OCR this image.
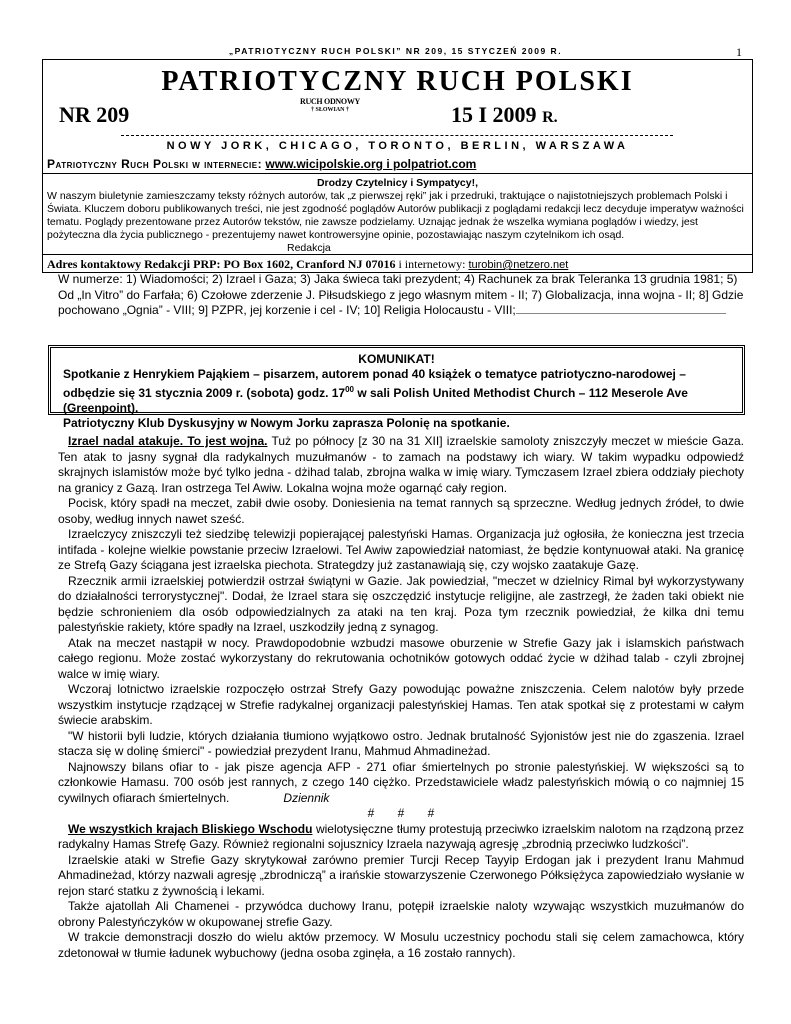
„PATRIOTYCZNY RUCH POLSKI” NR 209, 15 STYCZEŃ 2009 R.	1
PATRIOTYCZNY RUCH POLSKI
NR 209
RUCH ODNOWY
† SŁOWIAN †	15 I 2009 R.
NOWY JORK, CHICAGO, TORONTO, BERLIN, WARSZAWA
Patriotyczny Ruch Polski w internecie: www.wicipolskie.org i polpatriot.com
Drodzy Czytelnicy i Sympatycy!,
W naszym biuletynie zamieszczamy teksty różnych autorów, tak „z pierwszej ręki” jak i przedruki, traktujące o najistotniejszych problemach Polski i Świata. Kluczem doboru publikowanych treści, nie jest zgodność poglądów Autorów publikacji z poglądami redakcji lecz decyduje imperatyw ważności tematu. Poglądy prezentowane przez Autorów tekstów, nie zawsze podzielamy. Uznając jednak że wszelka wymiana poglądów i wiedzy, jest pożyteczna dla życia publicznego - prezentujemy nawet kontrowersyjne opinie, pozostawiając naszym czytelnikom ich osąd.
Redakcja
Adres kontaktowy Redakcji PRP: PO Box 1602, Cranford NJ 07016 i internetowy: turobin@netzero.net
W numerze: 1) Wiadomości; 2) Izrael i Gaza; 3) Jaka świeca taki prezydent; 4) Rachunek za brak Teleranka 13 grudnia 1981; 5) Od „In Vitro” do Farfała; 6) Czołowe zderzenie J. Piłsudskiego z jego własnym mitem - II; 7) Globalizacja, inna wojna - II; 8] Gdzie pochowano „Ognia” - VIII; 9] PZPR, jej korzenie i cel - IV; 10] Religia Holocaustu - VIII;
KOMUNIKAT!
Spotkanie z Henrykiem Pająkiem – pisarzem, autorem ponad 40 książek o tematyce patriotyczno-narodowej – odbędzie się 31 stycznia 2009 r. (sobota) godz. $17^{00}$ w sali Polish United Methodist Church – 112 Meserole Ave (Greenpoint).
Patriotyczny Klub Dyskusyjny w Nowym Jorku zaprasza Polonię na spotkanie.

Izrael nadal atakuje. To jest wojna. Tuż po północy [z 30 na 31 XII] izraelskie samoloty zniszczyły meczet w mieście Gaza. Ten atak to jasny sygnał dla radykalnych muzułmanów - to zamach na podstawy ich wiary. W takim wypadku odpowiedź skrajnych islamistów może być tylko jedna - dżihad talab, zbrojna walka w imię wiary. Tymczasem Izrael zbiera oddziały piechoty na granicy z Gazą. Iran ostrzega Tel Awiw. Lokalna wojna może ogarnąć cały region.

Pocisk, który spadł na meczet, zabił dwie osoby. Doniesienia na temat rannych są sprzeczne. Według jednych źródeł, to dwie osoby, według innych nawet sześć.

Izraelczycy zniszczyli też siedzibę telewizji popierającej palestyński Hamas. Organizacja już ogłosiła, że konieczna jest trzecia intifada - kolejne wielkie powstanie przeciw Izraelowi. Tel Awiw zapowiedział natomiast, że będzie kontynuował ataki. Na granicę ze Strefą Gazy ściągana jest izraelska piechota. Strategdzy już zastanawiają się, czy wojsko zaatakuje Gazę.

Rzecznik armii izraelskiej potwierdził ostrzał świątyni w Gazie. Jak powiedział, "meczet w dzielnicy Rimal był wykorzystywany do działalności terrorystycznej". Dodał, że Izrael stara się oszczędzić instytucje religijne, ale zastrzegł, że żaden taki obiekt nie będzie schronieniem dla osób odpowiedzialnych za ataki na ten kraj. Poza tym rzecznik powiedział, że kilka dni temu palestyńskie rakiety, które spadły na Izrael, uszkodziły jedną z synagog.

Atak na meczet nastąpił w nocy. Prawdopodobnie wzbudzi masowe oburzenie w Strefie Gazy jak i islamskich państwach całego regionu. Może zostać wykorzystany do rekrutowania ochotników gotowych oddać życie w dżihad talab - czyli zbrojnej walce w imię wiary.

Wczoraj lotnictwo izraelskie rozpoczęło ostrzał Strefy Gazy powodując poważne zniszczenia. Celem nalotów były przede wszystkim instytucje rządzącej w Strefie radykalnej organizacji palestyńskiej Hamas. Ten atak spotkał się z protestami w całym świecie arabskim.

"W historii byli ludzie, których działania tłumiono wyjątkowo ostro. Jednak brutalność Syjonistów jest nie do zgaszenia. Izrael stacza się w dolinę śmierci" - powiedział prezydent Iranu, Mahmud Ahmadineżad.

Najnowszy bilans ofiar to - jak pisze agencja AFP - 271 ofiar śmiertelnych po stronie palestyńskiej. W większości są to członkowie Hamasu. 700 osób jest rannych, z czego 140 ciężko. Przedstawiciele władz palestyńskich mówią o co najmniej 15 cywilnych ofiarach śmiertelnych.	Dziennik

# # #

We wszystkich krajach Bliskiego Wschodu wielotysięczne tłumy protestują przeciwko izraelskim nalotom na rządzoną przez radykalny Hamas Strefę Gazy. Również regionalni sojusznicy Izraela nazywają agresję „zbrodnią przeciwko ludzkości”.

Izraelskie ataki w Strefie Gazy skrytykował zarówno premier Turcji Recep Tayyip Erdogan jak i prezydent Iranu Mahmud Ahmadineżad, którzy nazwali agresję „zbrodniczą” a irańskie stowarzyszenie Czerwonego Półksiężyca zapowiedziało wysłanie w rejon starć statku z żywnością i lekami.

Także ajatollah Ali Chamenei - przywódca duchowy Iranu, potępił izraelskie naloty wzywając wszystkich muzułmanów do obrony Palestyńczyków w okupowanej strefie Gazy.

W trakcie demonstracji doszło do wielu aktów przemocy. W Mosulu uczestnicy pochodu stali się celem zamachowca, który zdetonował w tłumie ładunek wybuchowy (jedna osoba zginęła, a 16 zostało rannych).
